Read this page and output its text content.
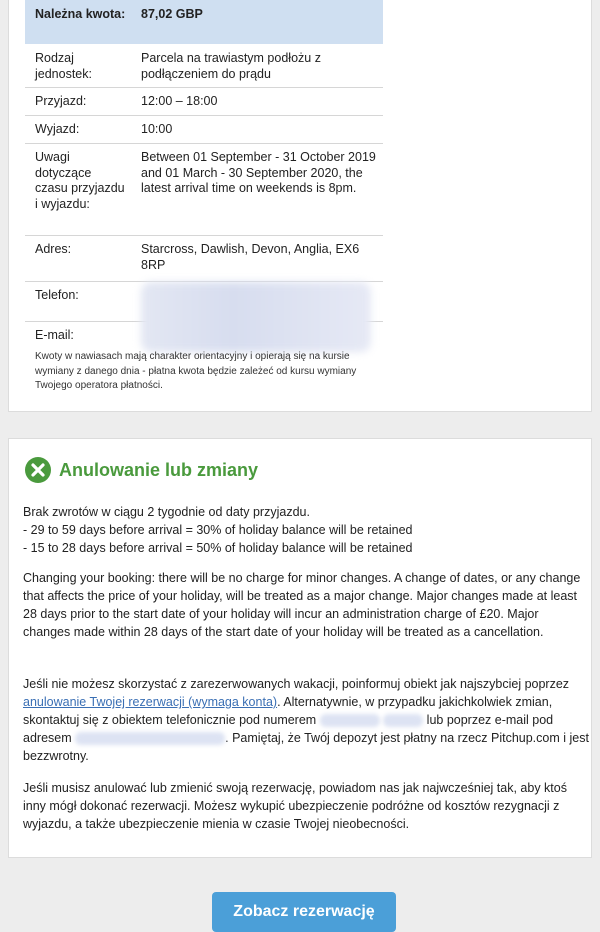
Należna kwota: 87,02 GBP
Rodzaj jednostek:
Parcela na trawiastym podłożu z podłączeniem do prądu
Przyjazd:	12:00 – 18:00
Wyjazd:	10:00
Uwagi dotyczące czasu przyjazdu i wyjazdu:
Between 01 September - 31 October 2019 and 01 March - 30 September 2020, the latest arrival time on weekends is 8pm.
Adres:	Starcross, Dawlish, Devon, Anglia, EX6 8RP
Telefon:
E-mail:
Kwoty w nawiasach mają charakter orientacyjny i opierają się na kursie wymiany z danego dnia - płatna kwota będzie zależeć od kursu wymiany Twojego operatora płatności.
Anulowanie lub zmiany

Brak zwrotów w ciągu 2 tygodnie od daty przyjazdu.

- 29 to 59 days before arrival = 30% of holiday balance will be retained

- 15 to 28 days before arrival = 50% of holiday balance will be retained

Changing your booking: there will be no charge for minor changes. A change of dates, or any change that affects the price of your holiday, will be treated as a major change. Major changes made at least 28 days prior to the start date of your holiday will incur an administration charge of £20. Major changes made within 28 days of the start date of your holiday will be treated as a cancellation.

Jeśli nie możesz skorzystać z zarezerwowanych wakacji, poinformuj obiekt jak najszybciej poprzez anulowanie Twojej rezerwacji (wymaga konta). Alternatywnie, w przypadku jakichkolwiek zmian, skontaktuj się z obiektem telefonicznie pod numerem	lub poprzez e-mail pod adresem	. Pamiętaj, że Twój depozyt jest płatny na rzecz Pitchup.com i jest bezzwrotny.

Jeśli musisz anulować lub zmienić swoją rezerwację, powiadom nas jak najwcześniej tak, aby ktoś inny mógł dokonać rezerwacji. Możesz wykupić ubezpieczenie podróżne od kosztów rezygnacji z wyjazdu, a także ubezpieczenie mienia w czasie Twojej nieobecności.

Zobacz rezerwację
